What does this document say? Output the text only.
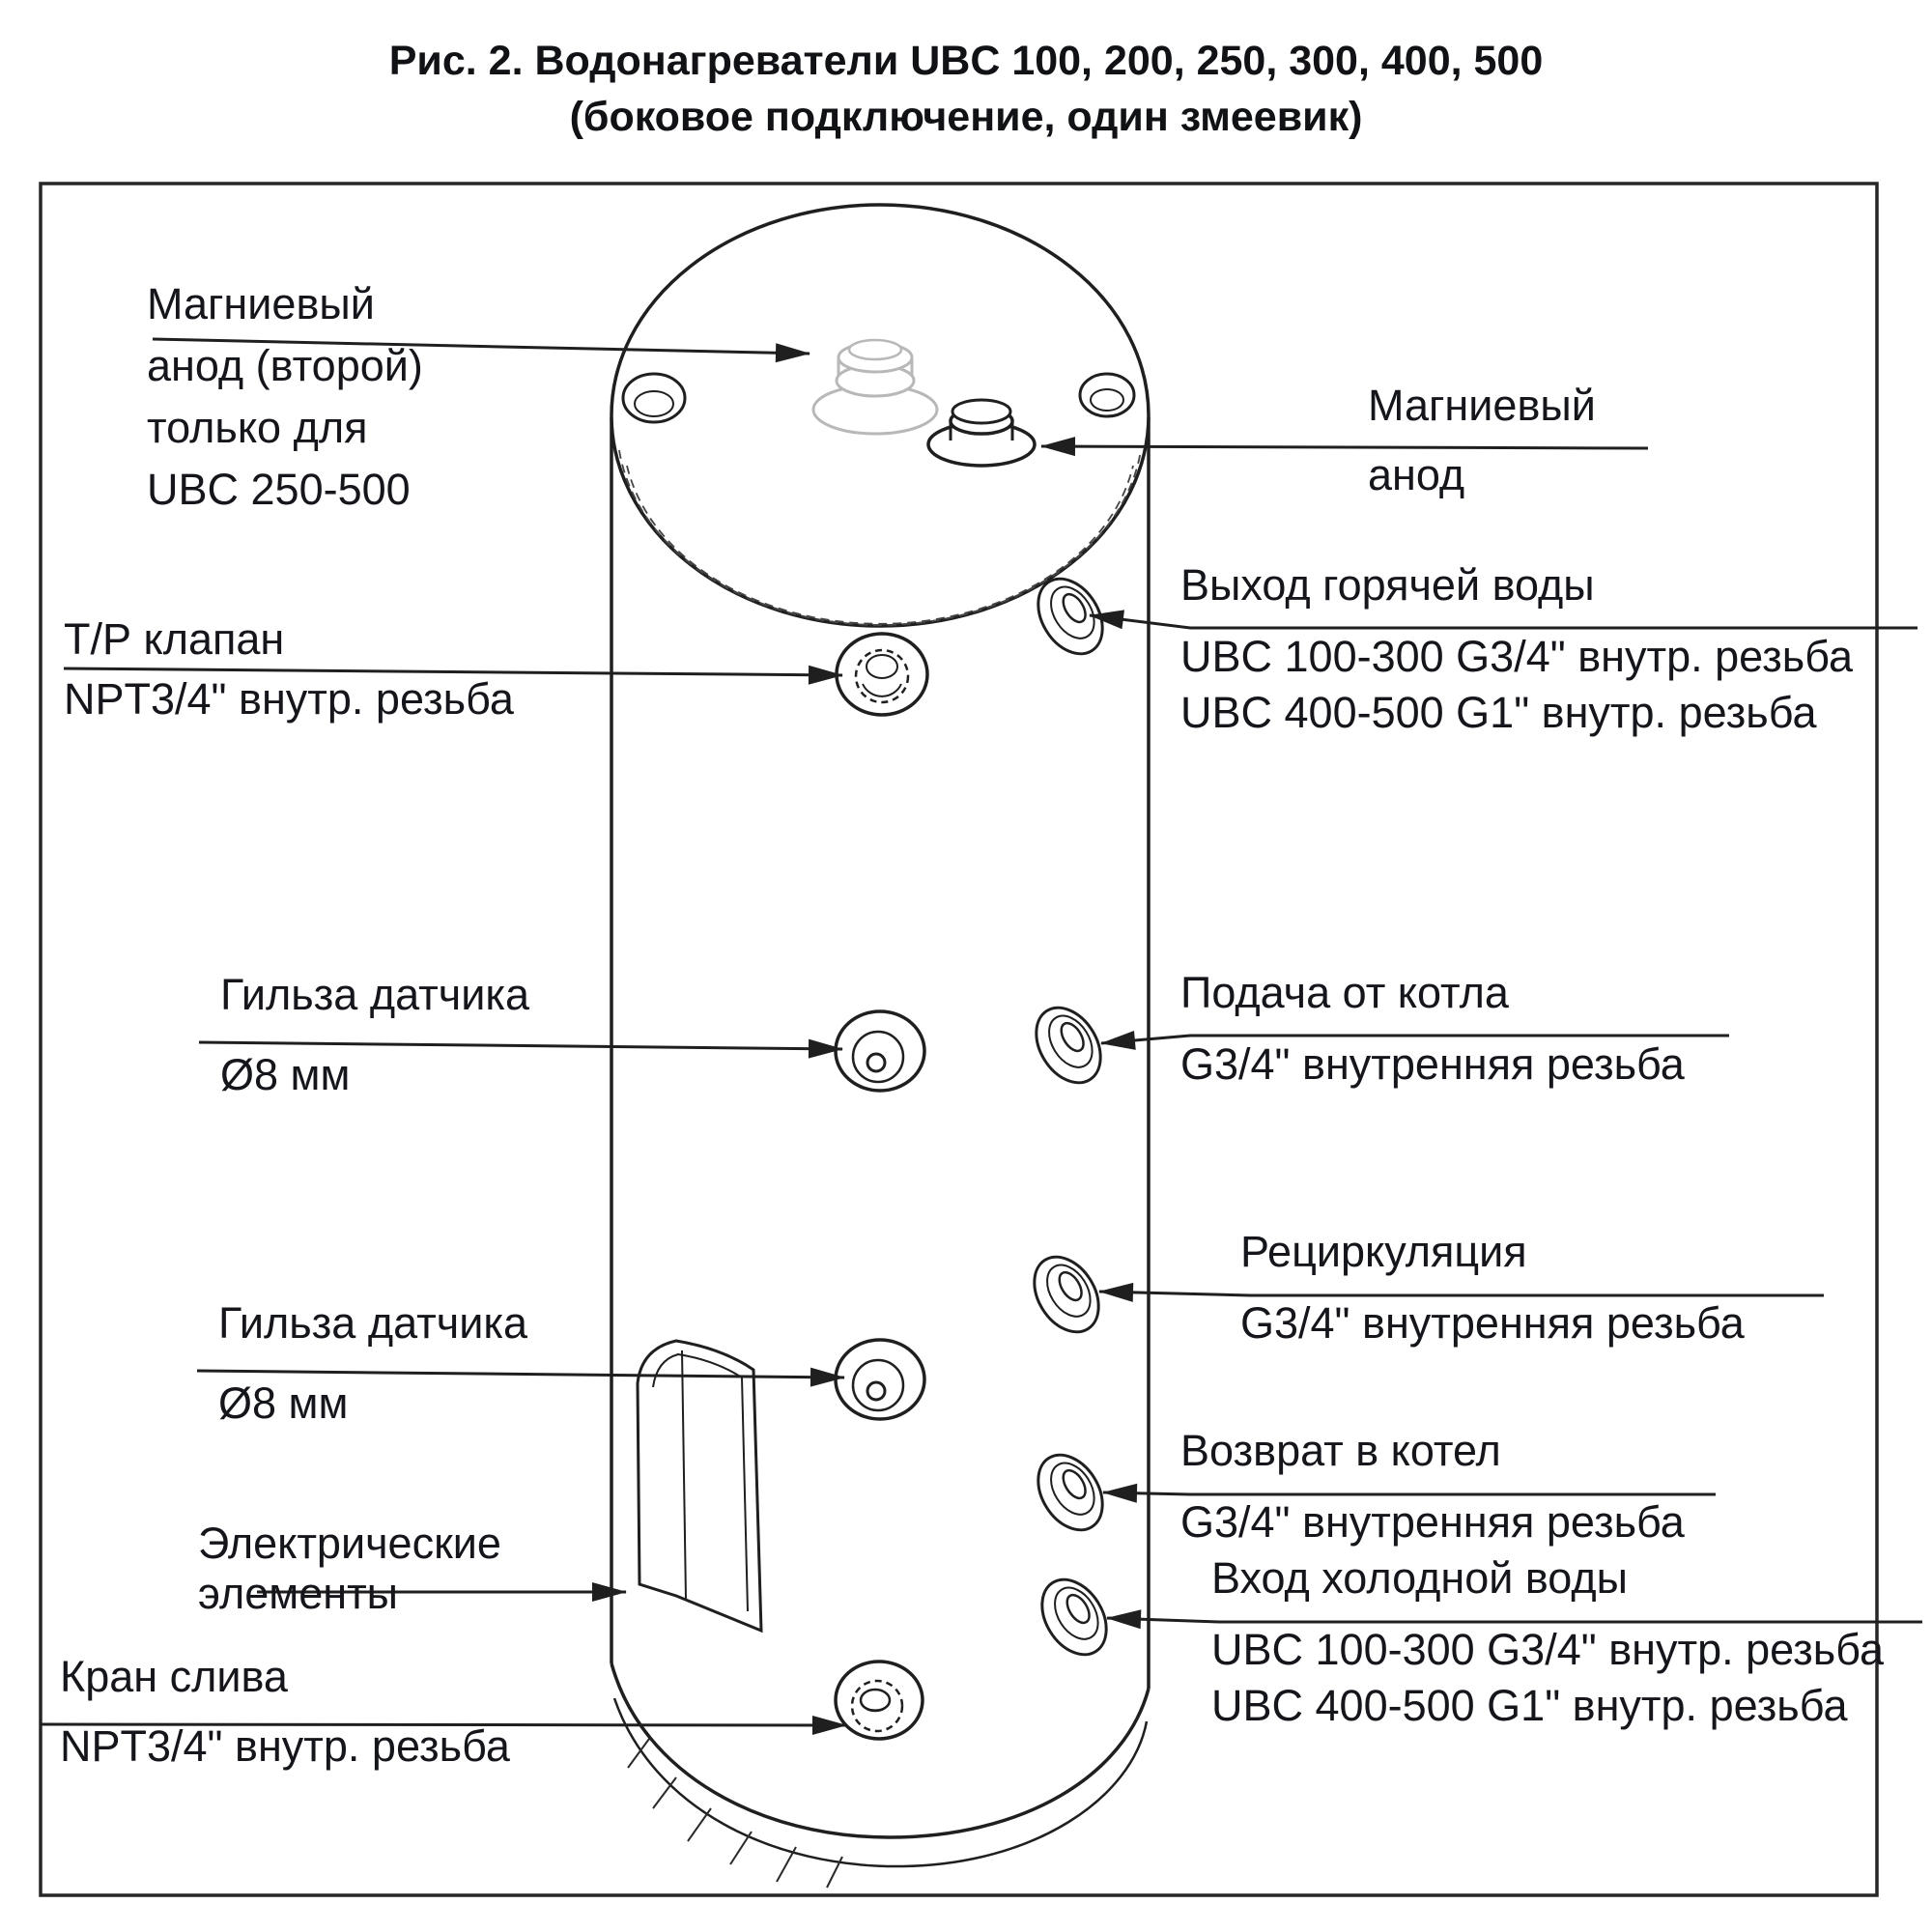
Рис. 2. Водонагреватели UBC 100, 200, 250, 300, 400, 500
(боковое подключение, один змеевик)
Магниевый
анод (второй)
только для
UBC 250-500
Т/Р клапан
NPT3/4" внутр. резьба
Гильза датчика
Ø8 мм
Гильза датчика
Ø8 мм
Электрические
элементы
Кран слива
NPT3/4" внутр. резьба
Магниевый
анод
Выход горячей воды
UBC 100-300 G3/4" внутр. резьба
UBC 400-500 G1" внутр. резьба
Подача от котла
G3/4" внутренняя резьба
Рециркуляция
G3/4" внутренняя резьба
Возврат в котел
G3/4" внутренняя резьба
Вход холодной воды
UBC 100-300 G3/4" внутр. резьба
UBC 400-500 G1" внутр. резьба
